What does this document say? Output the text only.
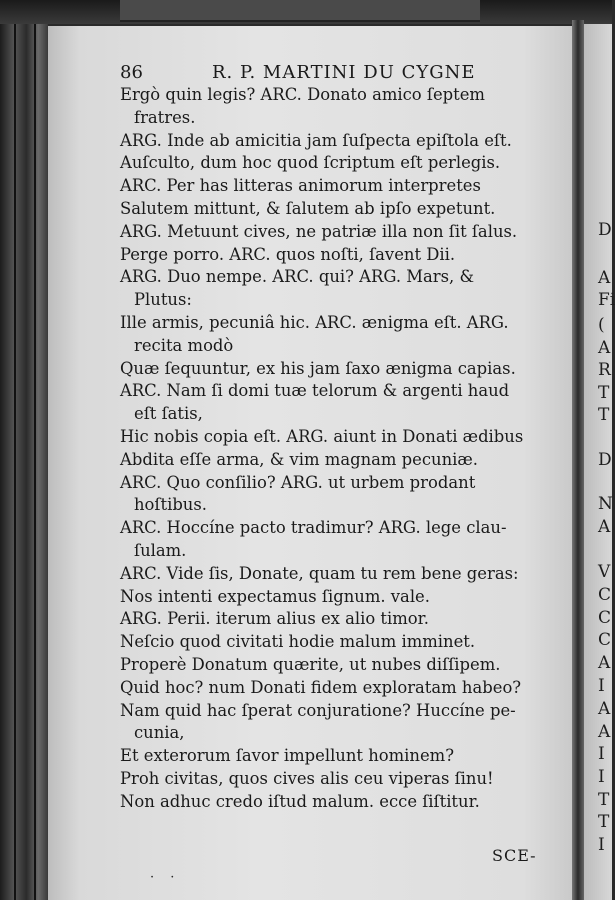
D
A
Fi
(
A
R
T
T
D
N
A
V
C
C
C
A
I
A
A
I
I
T
T
I
86	R. P. MARTINI DU CYGNE
Ergò quin legis? ARC. Donato amico ſeptem
fratres.
ARG. Inde ab amicitia jam ſuſpecta epiſtola eſt.
Auſculto, dum hoc quod ſcriptum eſt perlegis.
ARC. Per has litteras animorum interpretes
Salutem mittunt, & ſalutem ab ipſo expetunt.
ARG. Metuunt cives, ne patriæ illa non ſit ſalus.
Perge porro. ARC. quos noſti, ſavent Dii.
ARG. Duo nempe. ARC. qui? ARG. Mars, &
Plutus:
Ille armis, pecuniâ hic. ARC. ænigma eſt. ARG.
recita modò
Quæ ſequuntur, ex his jam ſaxo ænigma capias.
ARC. Nam ſi domi tuæ telorum & argenti haud
eſt ſatis,
Hic nobis copia eſt. ARG. aiunt in Donati ædibus
Abdita eſſe arma, & vim magnam pecuniæ.
ARC. Quo conſilio? ARG. ut urbem prodant
hoſtibus.
ARC. Hoccíne pacto tradimur? ARG. lege clau-
ſulam.
ARC. Vide ſis, Donate, quam tu rem bene geras:
Nos intenti expectamus ſignum. vale.
ARG. Perii. iterum alius ex alio timor.
Neſcio quod civitati hodie malum imminet.
Properè Donatum quærite, ut nubes diſſipem.
Quid hoc? num Donati fidem exploratam habeo?
Nam quid hac ſperat conjuratione? Huccíne pe-
cunia,
Et exterorum ſavor impellunt hominem?
Proh civitas, quos cives alis ceu viperas ſinu!
Non adhuc credo iſtud malum. ecce ſiſtitur.
SCE-
· ·
